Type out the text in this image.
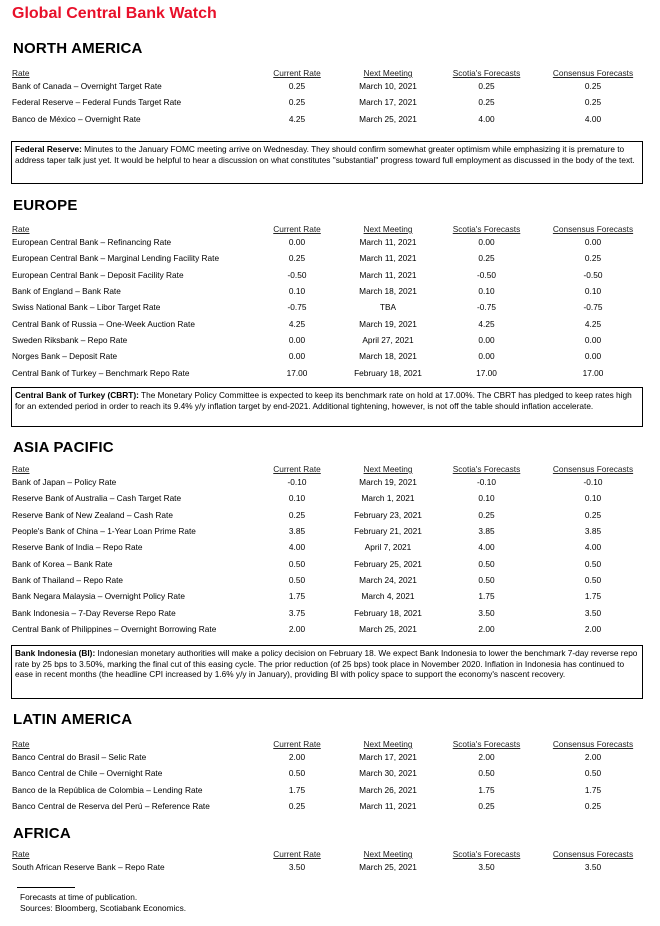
Global Central Bank Watch
NORTH AMERICA
Rate	Current Rate	Next Meeting	Scotia's Forecasts	Consensus Forecasts
Bank of Canada – Overnight Target Rate	0.25	March 10, 2021	0.25	0.25
Federal Reserve – Federal Funds Target Rate	0.25	March 17, 2021	0.25	0.25
Banco de México – Overnight Rate	4.25	March 25, 2021	4.00	4.00
Federal Reserve: Minutes to the January FOMC meeting arrive on Wednesday. They should confirm somewhat greater optimism while emphasizing it is premature to address taper talk just yet. It would be helpful to hear a discussion on what constitutes "substantial" progress toward full employment as discussed in the body of the text.
EUROPE
Rate	Current Rate	Next Meeting	Scotia's Forecasts	Consensus Forecasts
European Central Bank – Refinancing Rate	0.00	March 11, 2021	0.00	0.00
European Central Bank – Marginal Lending Facility Rate	0.25	March 11, 2021	0.25	0.25
European Central Bank – Deposit Facility Rate	-0.50	March 11, 2021	-0.50	-0.50
Bank of England – Bank Rate	0.10	March 18, 2021	0.10	0.10
Swiss National Bank – Libor Target Rate	-0.75	TBA	-0.75	-0.75
Central Bank of Russia – One-Week Auction Rate	4.25	March 19, 2021	4.25	4.25
Sweden Riksbank – Repo Rate	0.00	April 27, 2021	0.00	0.00
Norges Bank – Deposit Rate	0.00	March 18, 2021	0.00	0.00
Central Bank of Turkey – Benchmark Repo Rate	17.00	February 18, 2021	17.00	17.00
Central Bank of Turkey (CBRT): The Monetary Policy Committee is expected to keep its benchmark rate on hold at 17.00%. The CBRT has pledged to keep rates high for an extended period in order to reach its 9.4% y/y inflation target by end-2021. Additional tightening, however, is not off the table should inflation accelerate.
ASIA PACIFIC
Rate	Current Rate	Next Meeting	Scotia's Forecasts	Consensus Forecasts
Bank of Japan – Policy Rate	-0.10	March 19, 2021	-0.10	-0.10
Reserve Bank of Australia – Cash Target Rate	0.10	March 1, 2021	0.10	0.10
Reserve Bank of New Zealand – Cash Rate	0.25	February 23, 2021	0.25	0.25
People's Bank of China – 1-Year Loan Prime Rate	3.85	February 21, 2021	3.85	3.85
Reserve Bank of India – Repo Rate	4.00	April 7, 2021	4.00	4.00
Bank of Korea – Bank Rate	0.50	February 25, 2021	0.50	0.50
Bank of Thailand – Repo Rate	0.50	March 24, 2021	0.50	0.50
Bank Negara Malaysia – Overnight Policy Rate	1.75	March 4, 2021	1.75	1.75
Bank Indonesia – 7-Day Reverse Repo Rate	3.75	February 18, 2021	3.50	3.50
Central Bank of Philippines – Overnight Borrowing Rate	2.00	March 25, 2021	2.00	2.00
Bank Indonesia (BI): Indonesian monetary authorities will make a policy decision on February 18. We expect Bank Indonesia to lower the benchmark 7-day reverse repo rate by 25 bps to 3.50%, marking the final cut of this easing cycle. The prior reduction (of 25 bps) took place in November 2020. Inflation in Indonesia has continued to ease in recent months (the headline CPI increased by 1.6% y/y in January), providing BI with policy space to support the economy's nascent recovery.
LATIN AMERICA
Rate	Current Rate	Next Meeting	Scotia's Forecasts	Consensus Forecasts
Banco Central do Brasil – Selic Rate	2.00	March 17, 2021	2.00	2.00
Banco Central de Chile – Overnight Rate	0.50	March 30, 2021	0.50	0.50
Banco de la República de Colombia – Lending Rate	1.75	March 26, 2021	1.75	1.75
Banco Central de Reserva del Perú – Reference Rate	0.25	March 11, 2021	0.25	0.25
AFRICA
Rate	Current Rate	Next Meeting	Scotia's Forecasts	Consensus Forecasts
South African Reserve Bank – Repo Rate	3.50	March 25, 2021	3.50	3.50
Forecasts at time of publication.
Sources: Bloomberg, Scotiabank Economics.
